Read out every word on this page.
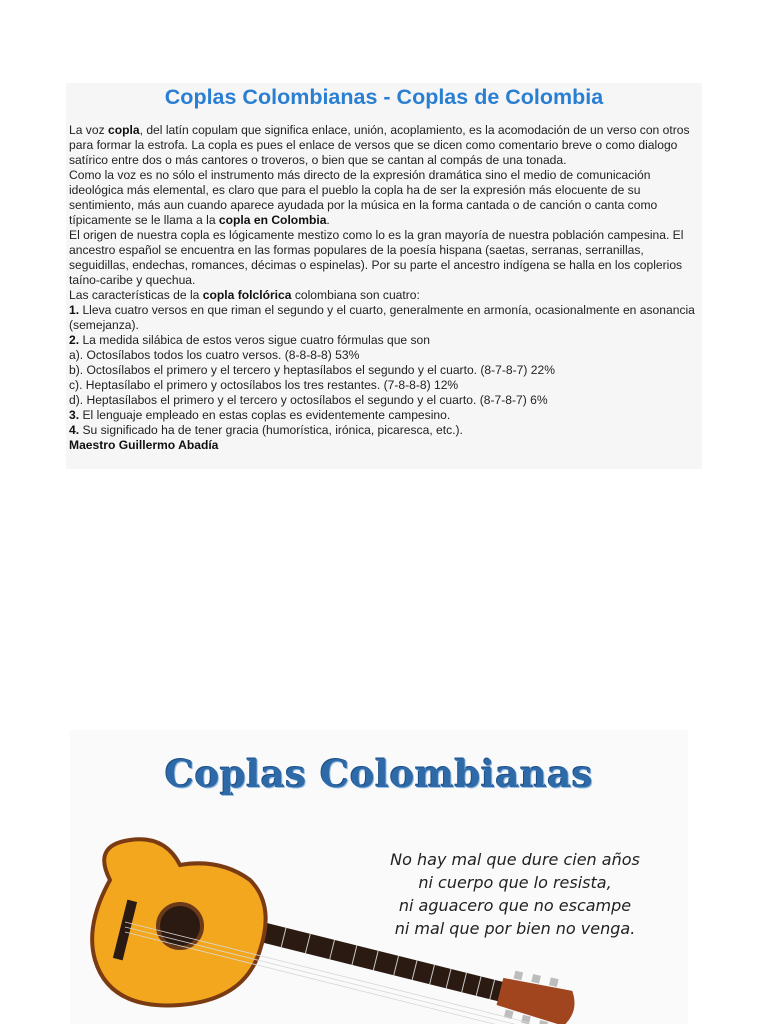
Coplas Colombianas - Coplas de Colombia

La voz copla, del latín copulam que significa enlace, unión, acoplamiento, es la acomodación de un verso con otros para formar la estrofa. La copla es pues el enlace de versos que se dicen como comentario breve o como dialogo satírico entre dos o más cantores o troveros, o bien que se cantan al compás de una tonada.

Como la voz es no sólo el instrumento más directo de la expresión dramática sino el medio de comunicación ideológica más elemental, es claro que para el pueblo la copla ha de ser la expresión más elocuente de su sentimiento, más aun cuando aparece ayudada por la música en la forma cantada o de canción o canta como típicamente se le llama a la copla en Colombia.

El origen de nuestra copla es lógicamente mestizo como lo es la gran mayoría de nuestra población campesina. El ancestro español se encuentra en las formas populares de la poesía hispana (saetas, serranas, serranillas, seguidillas, endechas, romances, décimas o espinelas). Por su parte el ancestro indígena se halla en los coplerios taíno-caribe y quechua.

Las características de la copla folclórica colombiana son cuatro:

1. Lleva cuatro versos en que riman el segundo y el cuarto, generalmente en armonía, ocasionalmente en asonancia (semejanza).

2. La medida silábica de estos veros sigue cuatro fórmulas que son

a). Octosílabos todos los cuatro versos. (8-8-8-8) 53%

b). Octosílabos el primero y el tercero y heptasílabos el segundo y el cuarto. (8-7-8-7) 22%

c). Heptasílabo el primero y octosílabos los tres restantes. (7-8-8-8) 12%

d). Heptasílabos el primero y el tercero y octosílabos el segundo y el cuarto. (8-7-8-7) 6%

3. El lenguaje empleado en estas coplas es evidentemente campesino.

4. Su significado ha de tener gracia (humorística, irónica, picaresca, etc.).

Maestro Guillermo Abadía

Coplas Colombianas
No hay mal que dure cien años
ni cuerpo que lo resista,
ni aguacero que no escampe
ni mal que por bien no venga.
